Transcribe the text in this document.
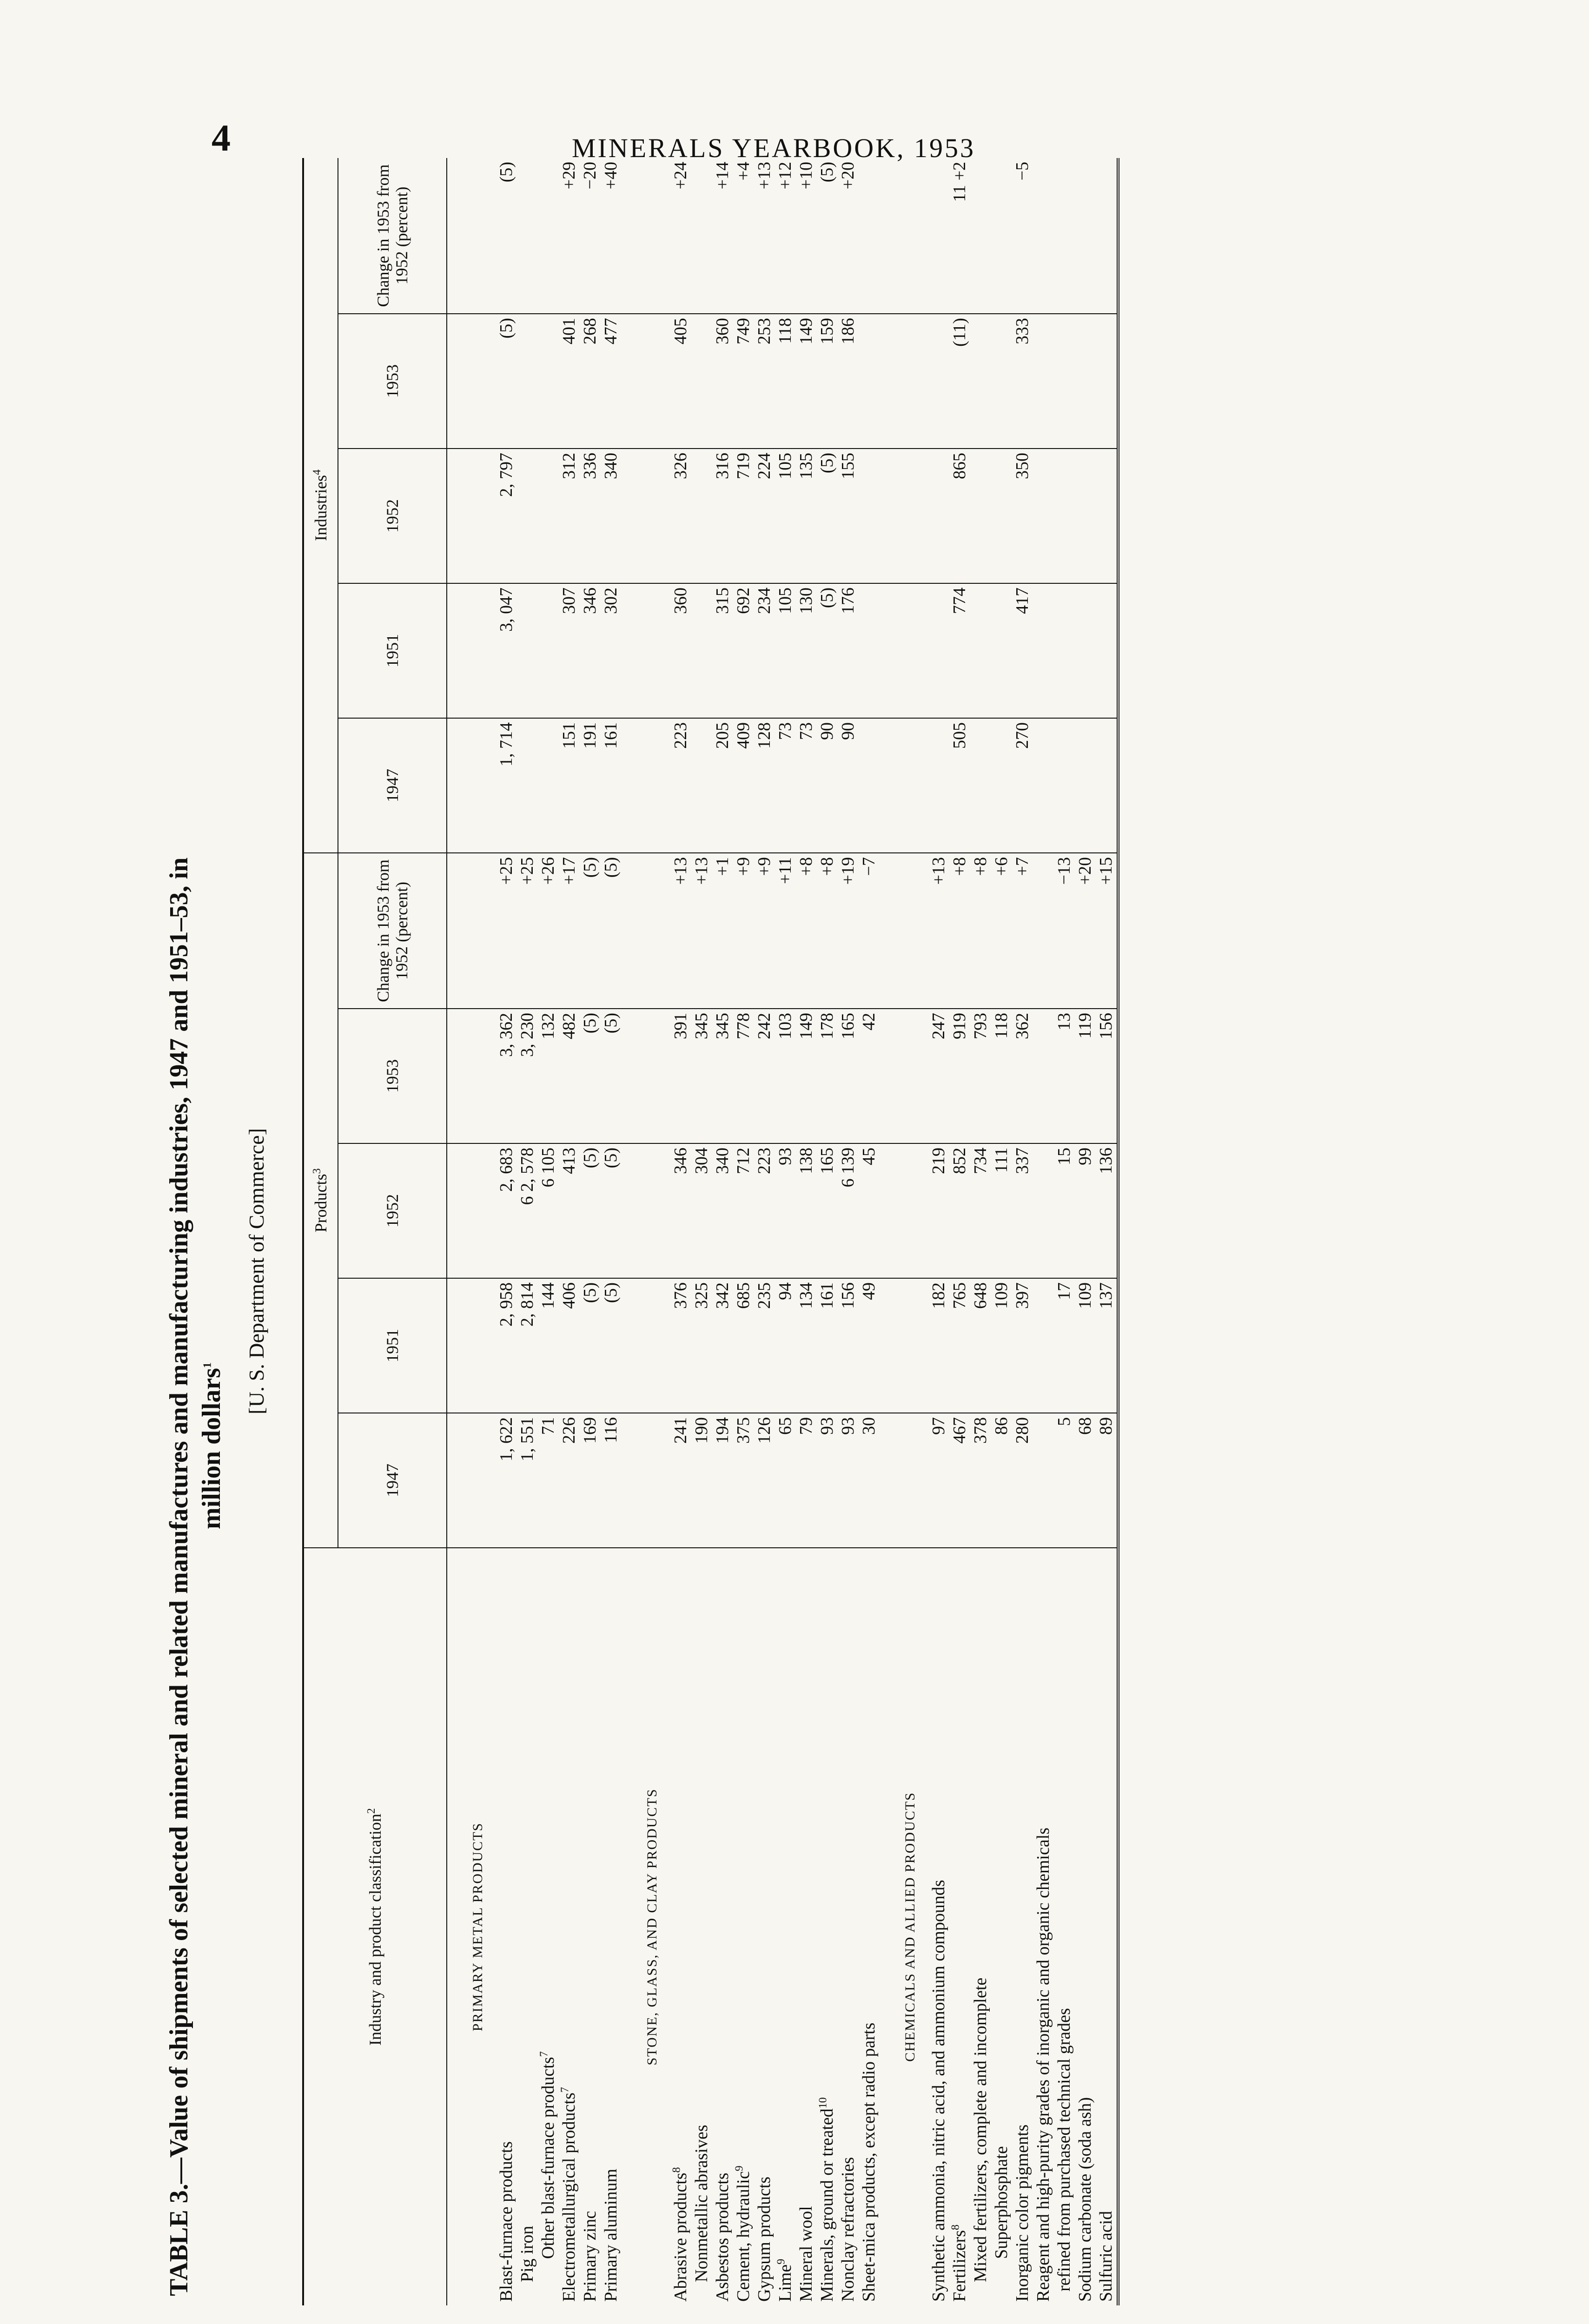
4	MINERALS YEARBOOK, 1953
TABLE 3.—Value of shipments of selected mineral and related manufactures and manufacturing industries, 1947 and 1951–53, in million dollars$^1$	[U. S. Department of Commerce]
Industry and product classification$^2$	Products$^3$					Industries$^4$
	1947	1951	1952	1953	Change in 1953 from 1952 (percent)	1947	1951	1952	1953	Change in 1953 from 1952 (percent)
PRIMARY METAL PRODUCTS										
Blast-furnace products	1, 622	2, 958	2, 683	3, 362	+25	1, 714	3, 047	2, 797	(5)	(5)
Pig iron	1, 551	2, 814	6 2, 578	3, 230	+25					
Other blast-furnace products$^7$	71	144	6 105	132	+26					
Electrometallurgical products$^7$	226	406	413	482	+17	151	307	312	401	+29
Primary zinc	169	(5)	(5)	(5)	(5)	191	346	336	268	−20
Primary aluminum	116	(5)	(5)	(5)	(5)	161	302	340	477	+40
STONE, GLASS, AND CLAY PRODUCTS										
Abrasive products$^8$	241	376	346	391	+13	223	360	326	405	+24
Nonmetallic abrasives	190	325	304	345	+13					
Asbestos products	194	342	340	345	+1	205	315	316	360	+14
Cement, hydraulic$^9$	375	685	712	778	+9	409	692	719	749	+4
Gypsum products	126	235	223	242	+9	128	234	224	253	+13
Lime$^9$	65	94	93	103	+11	73	105	105	118	+12
Mineral wool	79	134	138	149	+8	73	130	135	149	+10
Minerals, ground or treated$^{10}$	93	161	165	178	+8	90	(5)	(5)	159	(5)
Nonclay refractories	93	156	6 139	165	+19	90	176	155	186	+20
Sheet-mica products, except radio parts	30	49	45	42	−7					
CHEMICALS AND ALLIED PRODUCTS										
Synthetic ammonia, nitric acid, and ammonium compounds	97	182	219	247	+13					
Fertilizers$^8$	467	765	852	919	+8	505	774	865	(11)	11 +2
Mixed fertilizers, complete and incomplete	378	648	734	793	+8					
Superphosphate	86	109	111	118	+6					
Inorganic color pigments	280	397	337	362	+7	270	417	350	333	−5
Reagent and high-purity grades of inorganic and organic chemicals										
refined from purchased technical grades	5	17	15	13	−13					
Sodium carbonate (soda ash)	68	109	99	119	+20					
Sulfuric acid	89	137	136	156	+15					
